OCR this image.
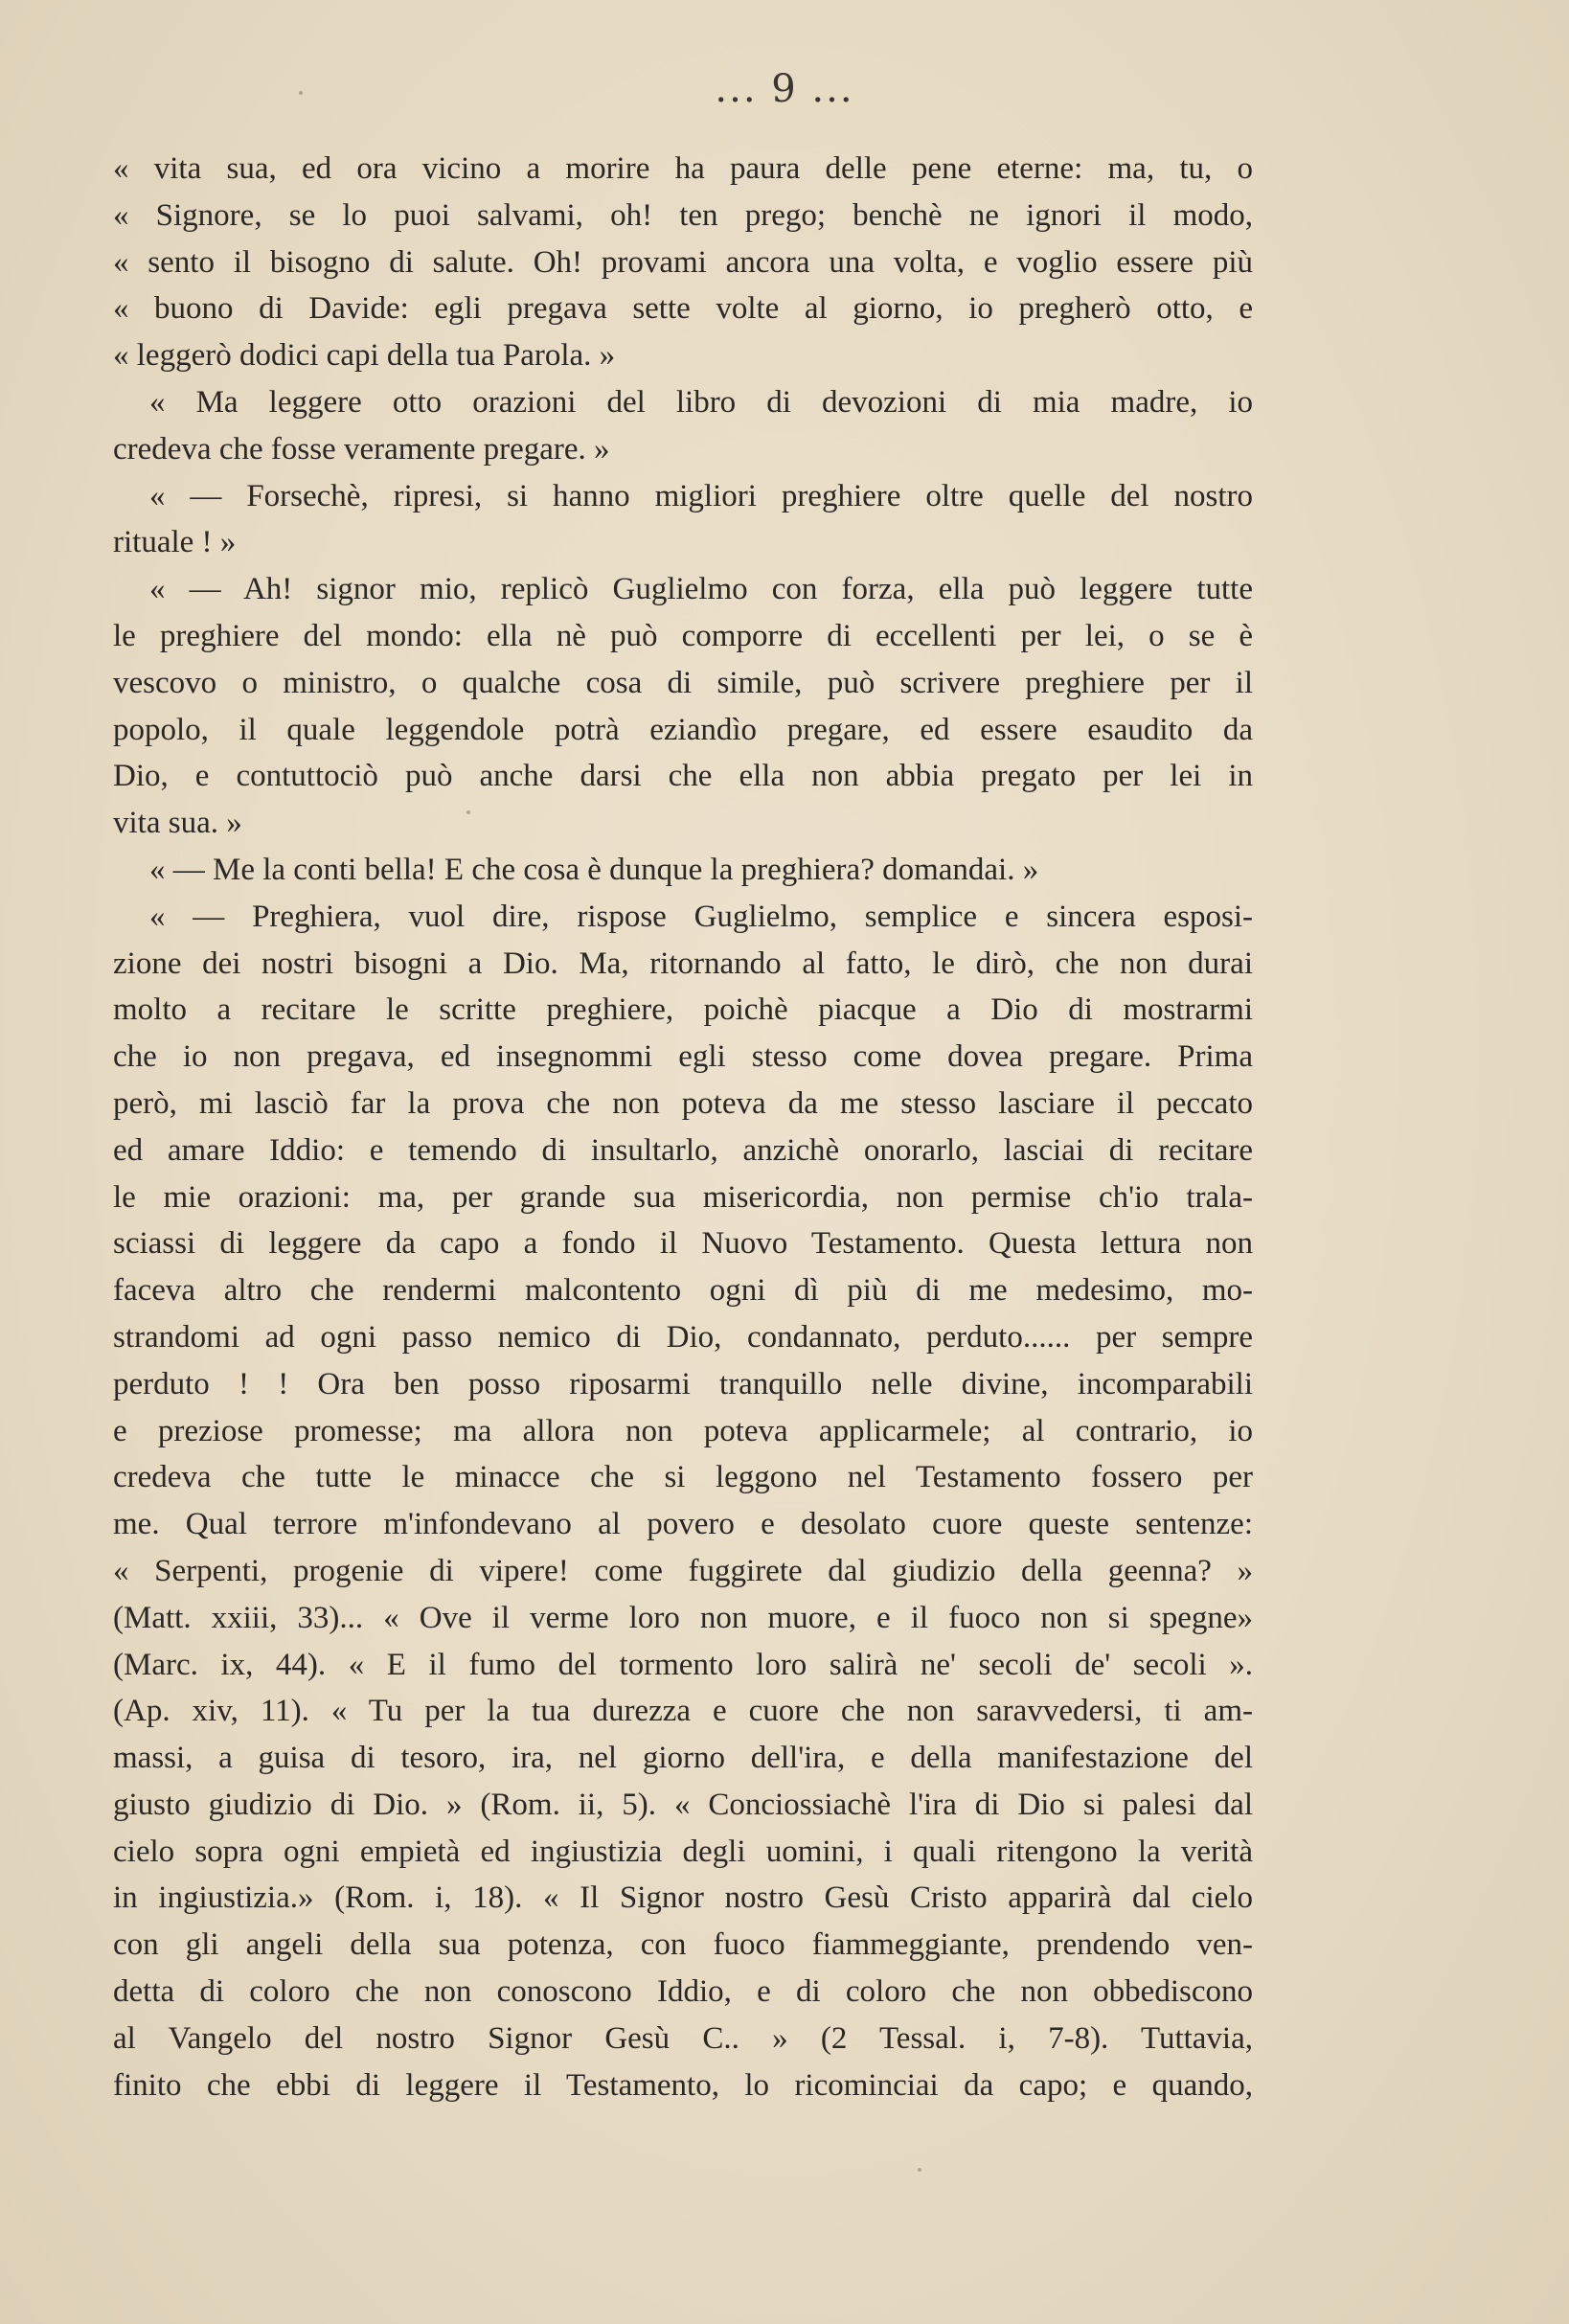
... 9 ...
« vita sua, ed ora vicino a morire ha paura delle pene eterne: ma, tu, o
« Signore, se lo puoi salvami, oh! ten prego; benchè ne ignori il modo,
« sento il bisogno di salute. Oh! provami ancora una volta, e voglio essere più
« buono di Davide: egli pregava sette volte al giorno, io pregherò otto, e
« leggerò dodici capi della tua Parola. »
« Ma leggere otto orazioni del libro di devozioni di mia madre, io
credeva che fosse veramente pregare. »
« — Forsechè, ripresi, si hanno migliori preghiere oltre quelle del nostro
rituale ! »
« — Ah! signor mio, replicò Guglielmo con forza, ella può leggere tutte
le preghiere del mondo: ella nè può comporre di eccellenti per lei, o se è
vescovo o ministro, o qualche cosa di simile, può scrivere preghiere per il
popolo, il quale leggendole potrà eziandìo pregare, ed essere esaudito da
Dio, e contuttociò può anche darsi che ella non abbia pregato per lei in
vita sua. »
« — Me la conti bella! E che cosa è dunque la preghiera? domandai. »
« — Preghiera, vuol dire, rispose Guglielmo, semplice e sincera esposi-
zione dei nostri bisogni a Dio. Ma, ritornando al fatto, le dirò, che non durai
molto a recitare le scritte preghiere, poichè piacque a Dio di mostrarmi
che io non pregava, ed insegnommi egli stesso come dovea pregare. Prima
però, mi lasciò far la prova che non poteva da me stesso lasciare il peccato
ed amare Iddio: e temendo di insultarlo, anzichè onorarlo, lasciai di recitare
le mie orazioni: ma, per grande sua misericordia, non permise ch'io trala-
sciassi di leggere da capo a fondo il Nuovo Testamento. Questa lettura non
faceva altro che rendermi malcontento ogni dì più di me medesimo, mo-
strandomi ad ogni passo nemico di Dio, condannato, perduto...... per sempre
perduto ! ! Ora ben posso riposarmi tranquillo nelle divine, incomparabili
e preziose promesse; ma allora non poteva applicarmele; al contrario, io
credeva che tutte le minacce che si leggono nel Testamento fossero per
me. Qual terrore m'infondevano al povero e desolato cuore queste sentenze:
« Serpenti, progenie di vipere! come fuggirete dal giudizio della geenna? »
(Matt. xxiii, 33)... « Ove il verme loro non muore, e il fuoco non si spegne»
(Marc. ix, 44). « E il fumo del tormento loro salirà ne' secoli de' secoli ».
(Ap. xiv, 11). « Tu per la tua durezza e cuore che non saravvedersi, ti am-
massi, a guisa di tesoro, ira, nel giorno dell'ira, e della manifestazione del
giusto giudizio di Dio. » (Rom. ii, 5). « Conciossiachè l'ira di Dio si palesi dal
cielo sopra ogni empietà ed ingiustizia degli uomini, i quali ritengono la verità
in ingiustizia.» (Rom. i, 18). « Il Signor nostro Gesù Cristo apparirà dal cielo
con gli angeli della sua potenza, con fuoco fiammeggiante, prendendo ven-
detta di coloro che non conoscono Iddio, e di coloro che non obbediscono
al Vangelo del nostro Signor Gesù C.. » (2 Tessal. i, 7-8). Tuttavia,
finito che ebbi di leggere il Testamento, lo ricominciai da capo; e quando,
